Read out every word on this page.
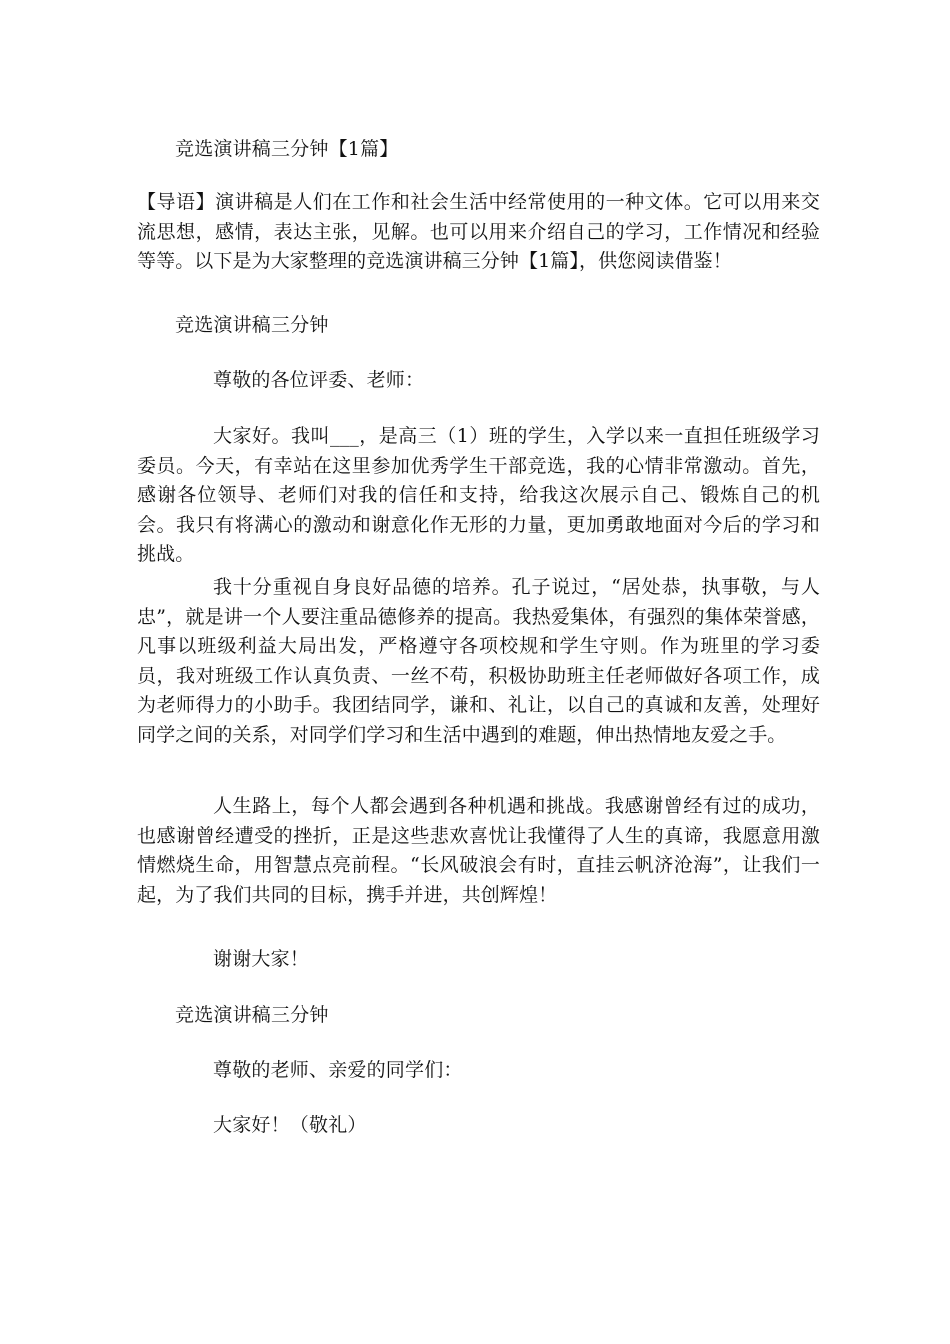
竞选演讲稿三分钟【1篇】
【导语】演讲稿是人们在工作和社会生活中经常使用的一种文体。它可以用来交流思想，感情，表达主张，见解。也可以用来介绍自己的学习，工作情况和经验等等。以下是为大家整理的竞选演讲稿三分钟【1篇】，供您阅读借鉴！
竞选演讲稿三分钟
尊敬的各位评委、老师：
大家好。我叫___，是高三（1）班的学生，入学以来一直担任班级学习委员。今天，有幸站在这里参加优秀学生干部竞选，我的心情非常激动。首先，感谢各位领导、老师们对我的信任和支持，给我这次展示自己、锻炼自己的机会。我只有将满心的激动和谢意化作无形的力量，更加勇敢地面对今后的学习和挑战。
我十分重视自身良好品德的培养。孔子说过，“居处恭，执事敬，与人忠”，就是讲一个人要注重品德修养的提高。我热爱集体，有强烈的集体荣誉感，凡事以班级利益大局出发，严格遵守各项校规和学生守则。作为班里的学习委员，我对班级工作认真负责、一丝不苟，积极协助班主任老师做好各项工作，成为老师得力的小助手。我团结同学，谦和、礼让，以自己的真诚和友善，处理好同学之间的关系，对同学们学习和生活中遇到的难题，伸出热情地友爱之手。
人生路上，每个人都会遇到各种机遇和挑战。我感谢曾经有过的成功，也感谢曾经遭受的挫折，正是这些悲欢喜忧让我懂得了人生的真谛，我愿意用激情燃烧生命，用智慧点亮前程。“长风破浪会有时，直挂云帆济沧海”，让我们一起，为了我们共同的目标，携手并进，共创辉煌！
谢谢大家！
竞选演讲稿三分钟
尊敬的老师、亲爱的同学们：
大家好！（敬礼）
